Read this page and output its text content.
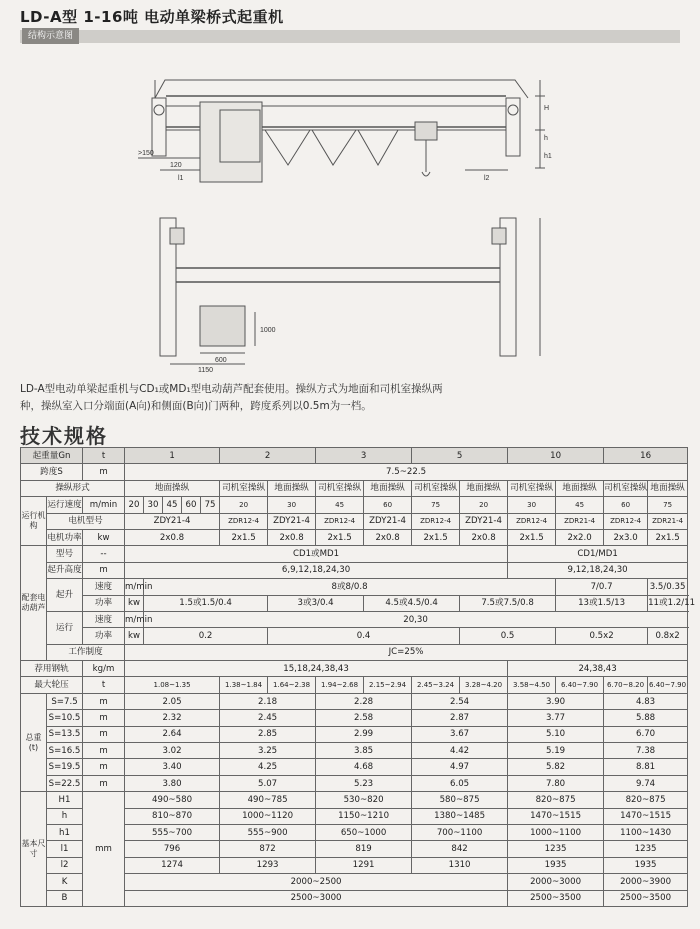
LD-A型 1-16吨 电动单梁桥式起重机
结构示意图
>150
120
l1	l2
H
h
h1
1000
600
1150
LD-A型电动单梁起重机与CD₁或MD₁型电动葫芦配套使用。操纵方式为地面和司机室操纵两
种，操纵室入口分端面(A向)和侧面(B向)门两种，跨度系列以0.5m为一档。
技术规格
起重量Gn		t	1					2		3		5		10		16		
跨度S		m	7.5~22.5															
操纵形式			地面操纵					司机室操纵	地面操纵	司机室操纵	地面操纵	司机室操纵	地面操纵	司机室操纵	地面操纵	司机室操纵	地面操纵	
运行机构	运行速度	m/min	20	30	45	60	75	20	30	45	60	75	20	30	45	60	75	
	电机型号		ZDY21-4					ZDR12-4	ZDY21-4	ZDR12-4	ZDY21-4	ZDR12-4	ZDY21-4	ZDR12-4	ZDR21-4	ZDR12-4	ZDR21-4	
	电机功率	kw	2x0.8					2x1.5	2x0.8	2x1.5	2x0.8	2x1.5	2x0.8	2x1.5	2x2.0	2x3.0	2x1.5	
配套电动葫芦	型号	--	CD1或MD1											CD1/MD1				
	起升高度	m	6,9,12,18,24,30											9,12,18,24,30				
	起升	速度	m/min	8或8/0.8											7/0.7		3.5/0.35	
		功率	kw	1.5或1.5/0.4					3或3/0.4		4.5或4.5/0.4		7.5或7.5/0.8		13或1.5/13		11或1.2/11	
	运行	速度	m/min	20,30														
		功率	kw	0.2					0.4				0.5		0.5x2		0.8x2	
	工作制度		JC=25%															
荐用钢轨		kg/m	15,18,24,38,43											24,38,43				
最大轮压		t	1.08~1.35					1.38~1.84	1.64~2.38	1.94~2.68	2.15~2.94	2.45~3.24	3.28~4.20	3.58~4.50	6.40~7.90	6.70~8.20	6.40~7.90	
总重(t)	S=7.5	m	2.05					2.18		2.28		2.54		3.90		4.83		
	S=10.5	m	2.32					2.45		2.58		2.87		3.77		5.88		
	S=13.5	m	2.64					2.85		2.99		3.67		5.10		6.70		
	S=16.5	m	3.02					3.25		3.85		4.42		5.19		7.38		
	S=19.5	m	3.40					4.25		4.68		4.97		5.82		8.81		
	S=22.5	m	3.80					5.07		5.23		6.05		7.80		9.74		
基本尺寸	H1	mm	490~580					490~785		530~820		580~875		820~875		820~875		
	h		810~870					1000~1120		1150~1210		1380~1485		1470~1515		1470~1515		
	h1		555~700					555~900		650~1000		700~1100		1000~1100		1100~1430		
	l1		796					872		819		842		1235		1235		
	l2		1274					1293		1291		1310		1935		1935		
	K		2000~2500											2000~3000		2000~3900		
	B		2500~3000											2500~3500		2500~3500		
